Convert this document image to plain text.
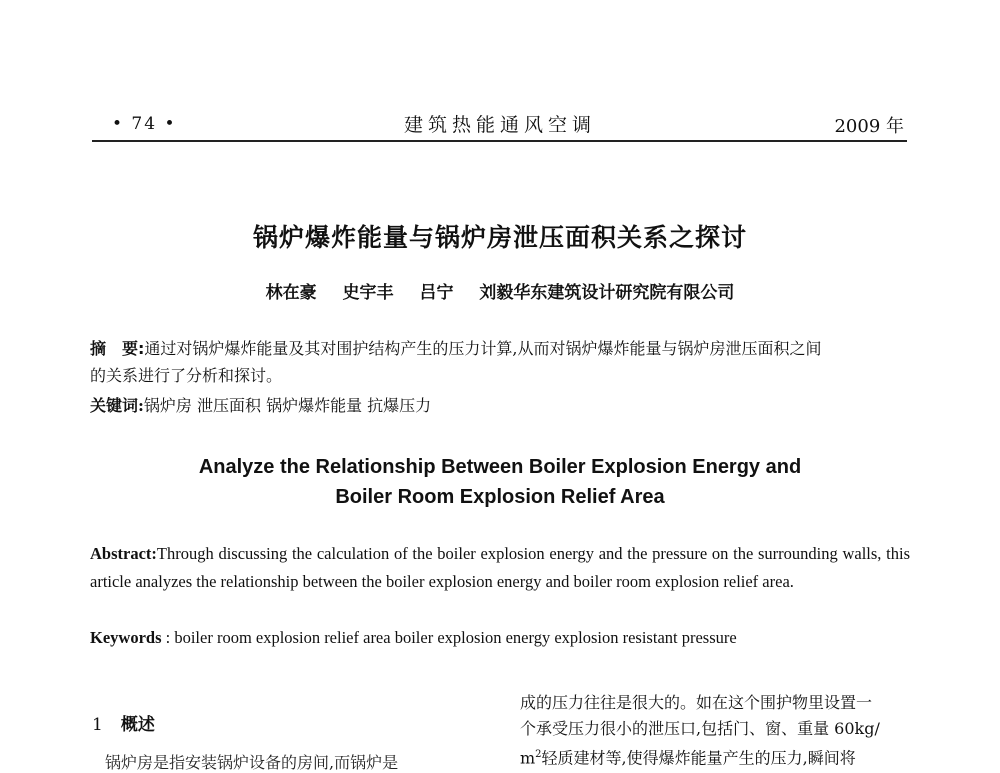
• 74 •	建筑热能通风空调	2009 年
锅炉爆炸能量与锅炉房泄压面积关系之探讨
林在豪 史宇丰 吕宁 刘毅华东建筑设计研究院有限公司
摘　要:通过对锅炉爆炸能量及其对围护结构产生的压力计算,从而对锅炉爆炸能量与锅炉房泄压面积之间
的关系进行了分析和探讨。
关键词:锅炉房 泄压面积 锅炉爆炸能量 抗爆压力
Analyze the Relationship Between Boiler Explosion Energy and
Boiler Room Explosion Relief Area
Abstract:Through discussing the calculation of the boiler explosion energy and the pressure on the surrounding walls, this article analyzes the relationship between the boiler explosion energy and boiler room explosion relief area.
Keywords : boiler room explosion relief area boiler explosion energy explosion resistant pressure
1 概述
锅炉房是指安装锅炉设备的房间,而锅炉是
成的压力往往是很大的。如在这个围护物里设置一
个承受压力很小的泄压口,包括门、窗、重量 60kg/
$m^2$轻质建材等,使得爆炸能量产生的压力,瞬间将
